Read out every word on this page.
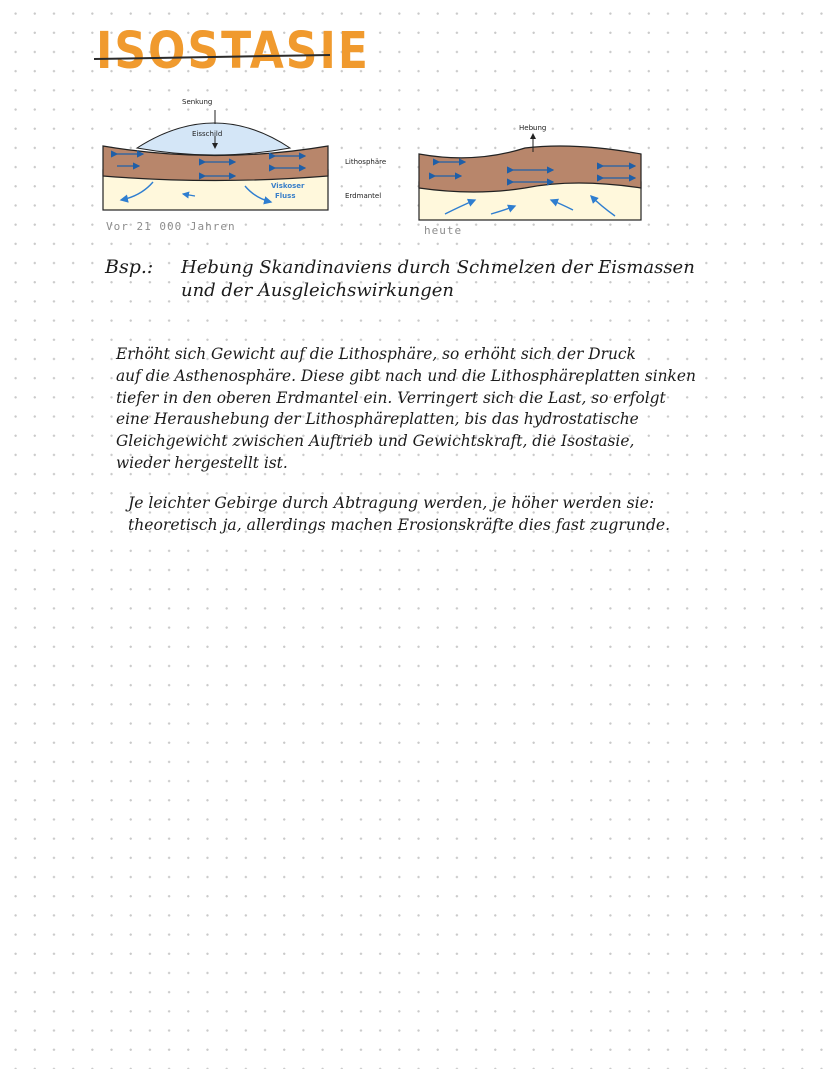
ISOSTASIE
Senkung
Eisschild
Viskoser
Fluss
Lithosphäre
Erdmantel
Hebung
Vor 21 000 Jahren	heute
Bsp.: Hebung Skandinaviens durch Schmelzen der Eismassen
und der Ausgleichswirkungen

Erhöht sich Gewicht auf die Lithosphäre, so erhöht sich der Druck

auf die Asthenosphäre. Diese gibt nach und die Lithosphäreplatten sinken

tiefer in den oberen Erdmantel ein. Verringert sich die Last, so erfolgt

eine Heraushebung der Lithosphäreplatten, bis das hydrostatische

Gleichgewicht zwischen Auftrieb und Gewichtskraft, die Isostasie,

wieder hergestellt ist.

Je leichter Gebirge durch Abtragung werden, je höher werden sie:

theoretisch ja, allerdings machen Erosionskräfte dies fast zugrunde.
